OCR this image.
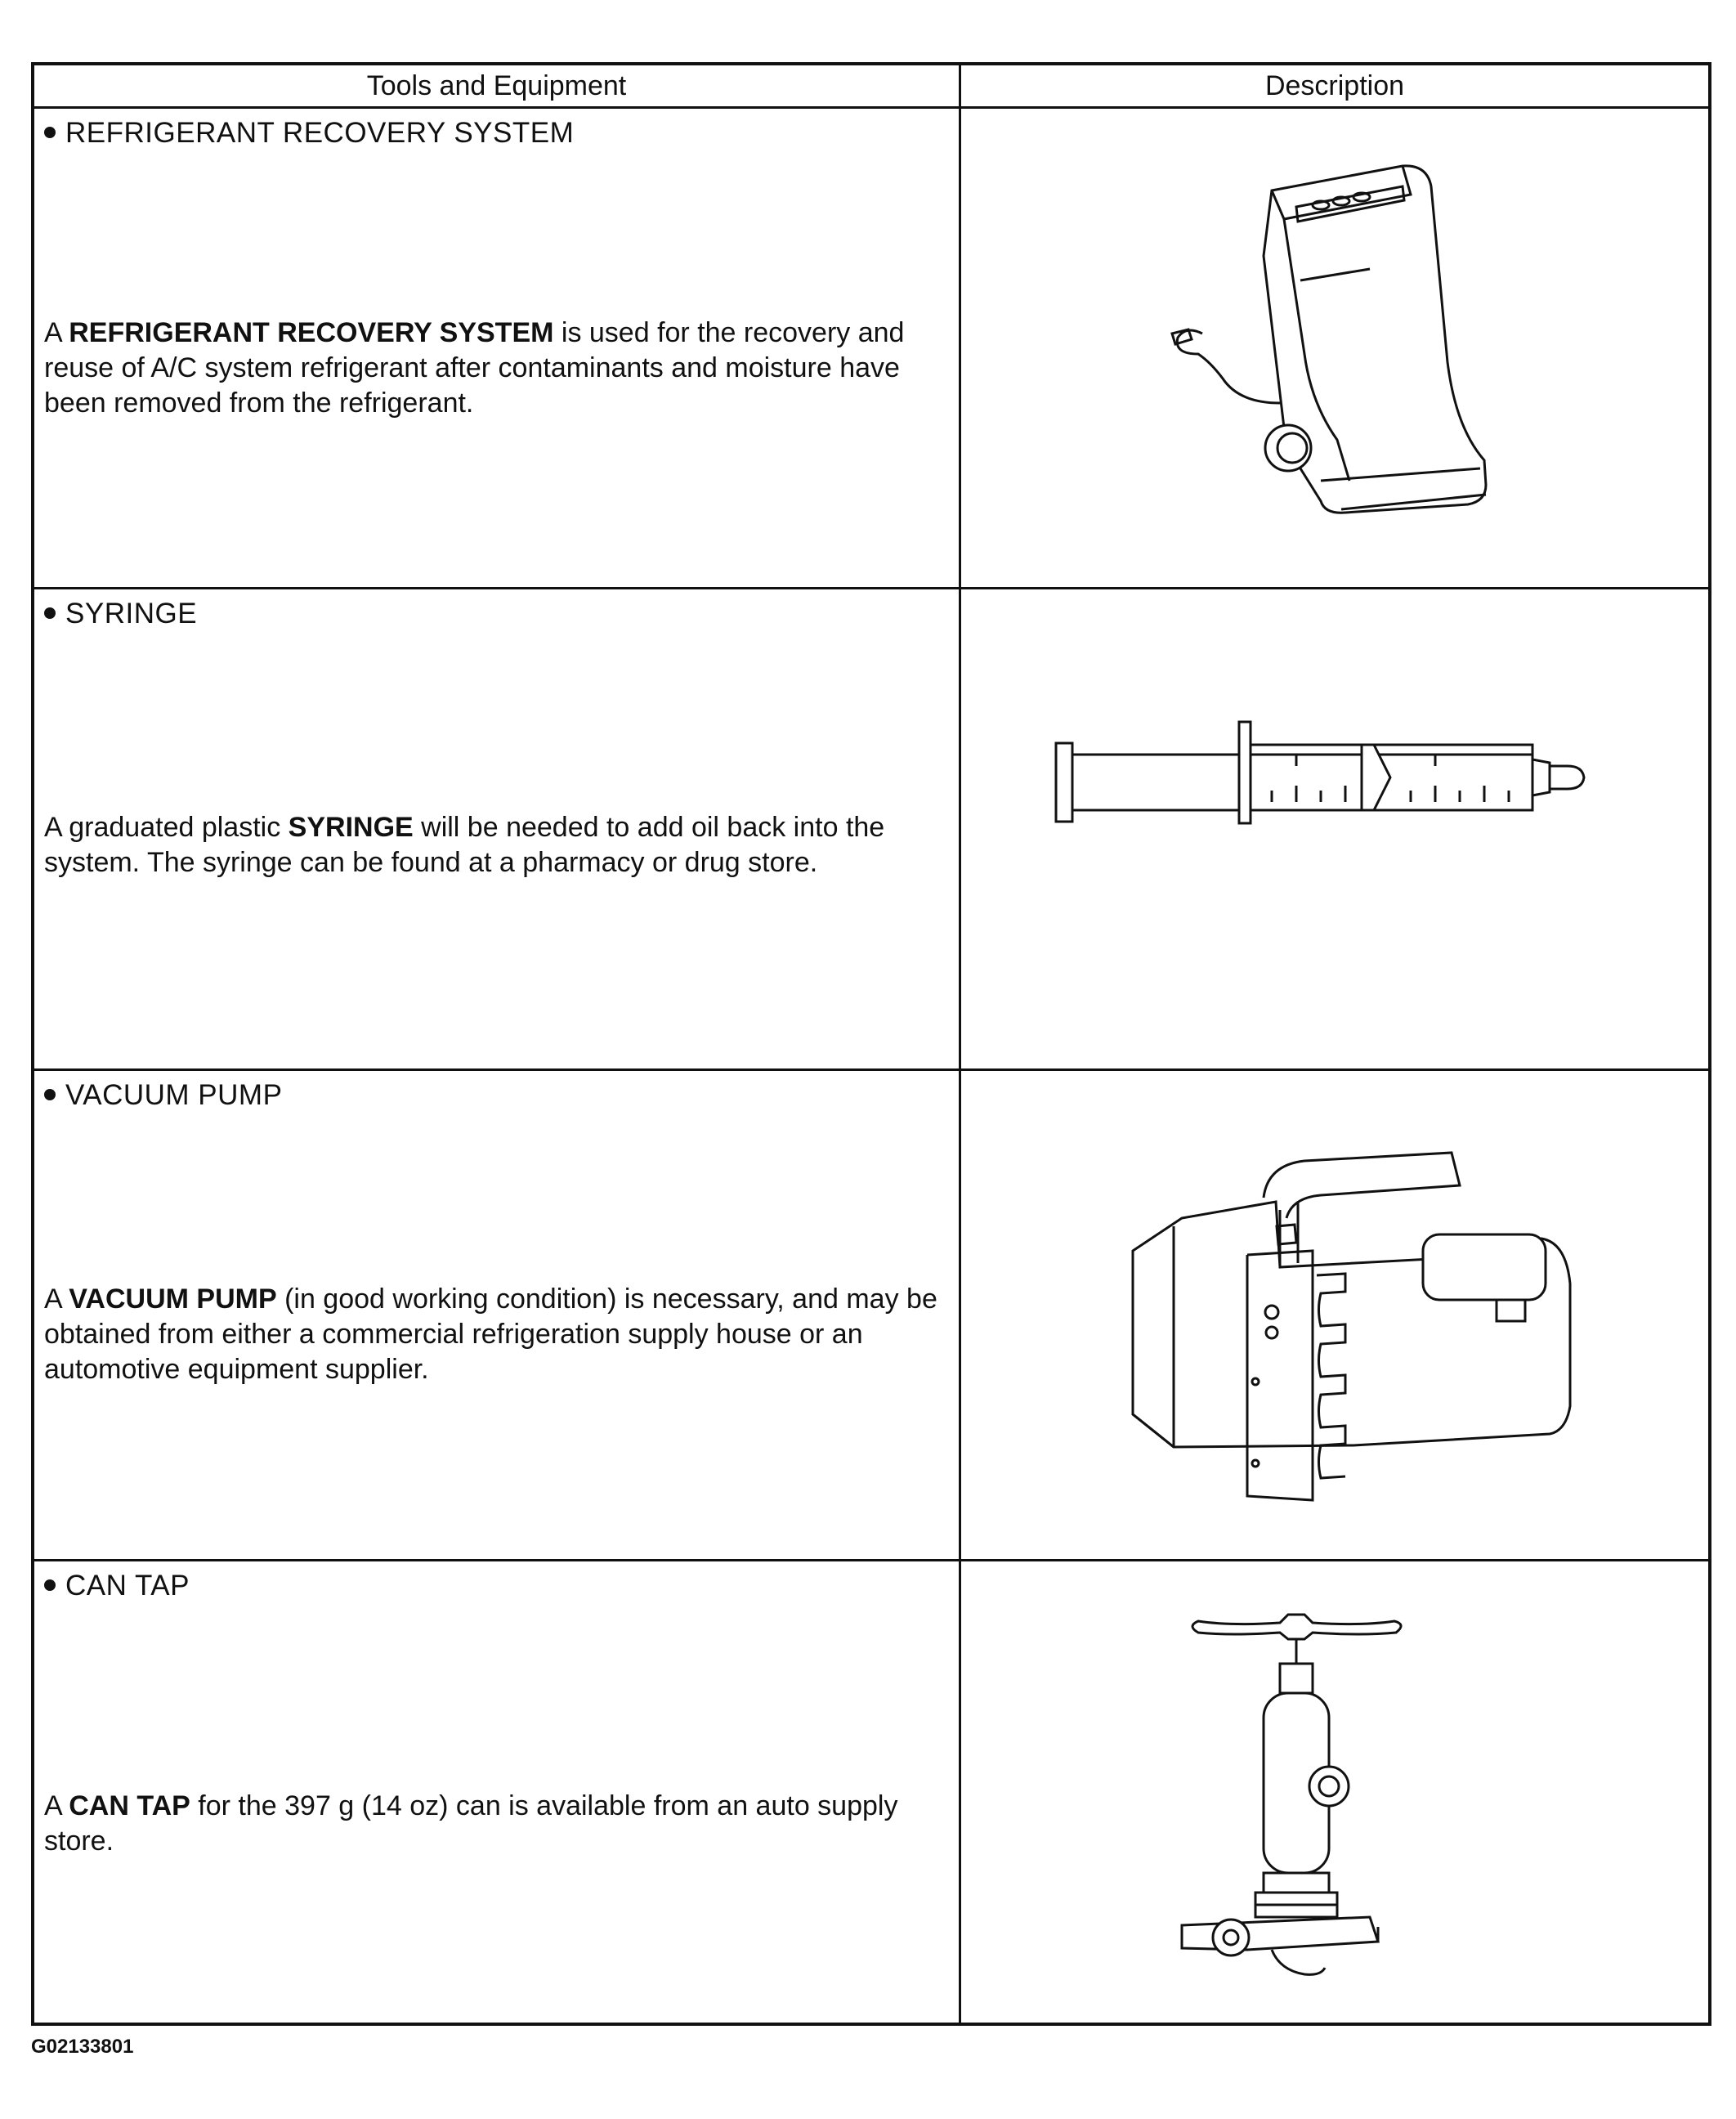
Tools and Equipment	Description
REFRIGERANT RECOVERY SYSTEM
A REFRIGERANT RECOVERY SYSTEM is used for the recovery and reuse of A/C system refrigerant after contaminants and moisture have been removed from the refrigerant.
SYRINGE
A graduated plastic SYRINGE will be needed to add oil back into the system. The syringe can be found at a pharmacy or drug store.
VACUUM PUMP
A VACUUM PUMP (in good working condition) is necessary, and may be obtained from either a commercial refrigeration supply house or an automotive equipment supplier.
CAN TAP
A CAN TAP for the 397 g (14 oz) can is available from an auto supply store.
G02133801
